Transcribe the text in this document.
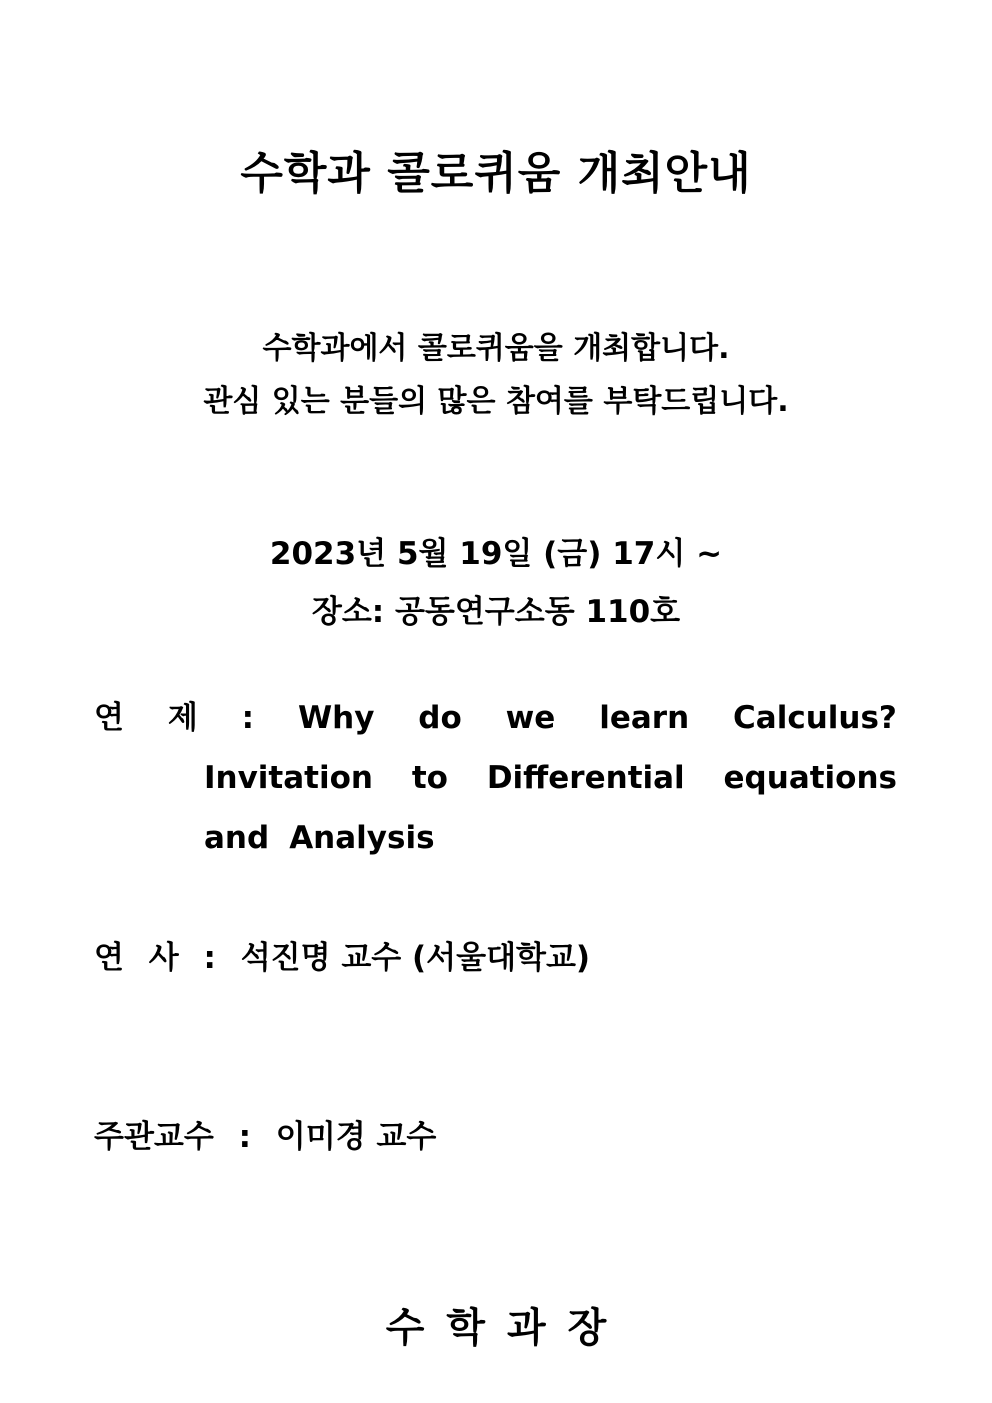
수학과 콜로퀴움 개최안내
수학과에서 콜로퀴움을 개최합니다.
관심 있는 분들의 많은 참여를 부탁드립니다.
2023년 5월 19일 (금) 17시 ~
장소: 공동연구소동 110호
연 제 : Why do we learn Calculus?
Invitation to Differential equations
and Analysis
연 사 : 석진명 교수 (서울대학교)
주관교수 : 이미경 교수
수학과장
